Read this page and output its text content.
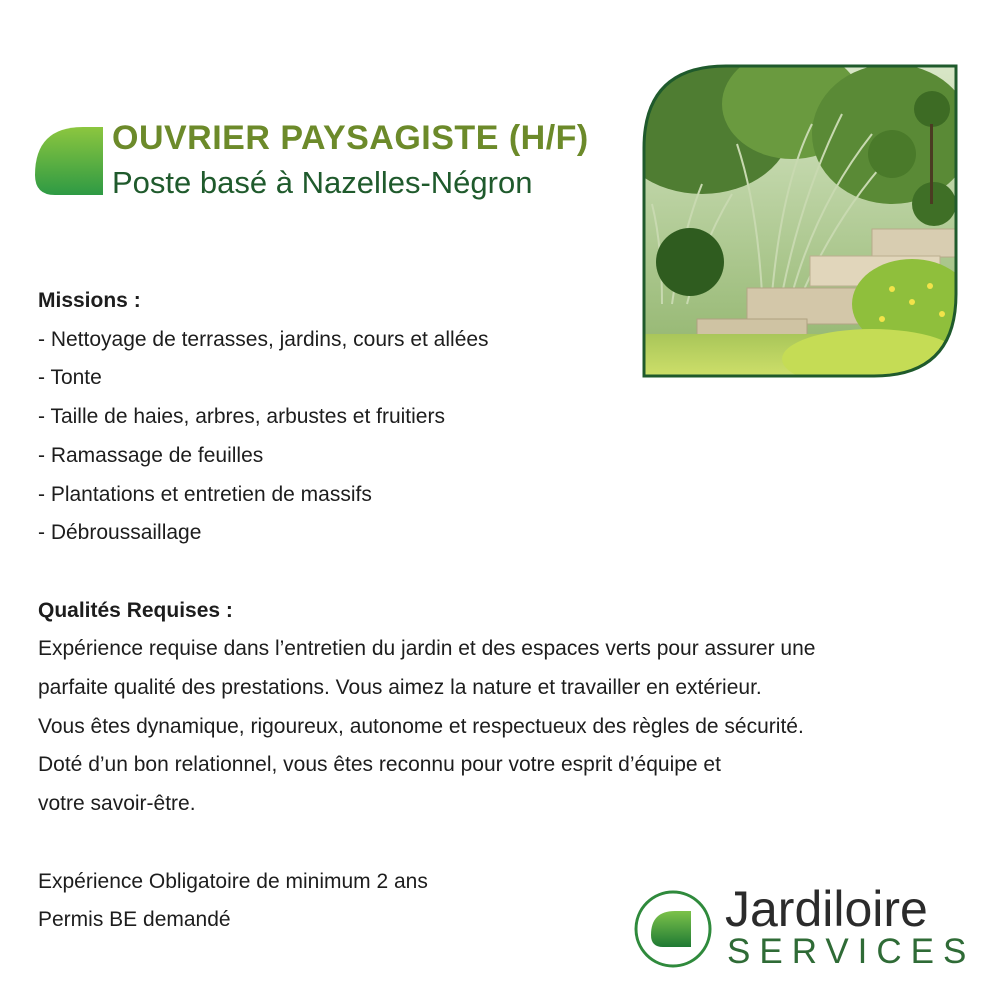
OUVRIER PAYSAGISTE (H/F)
Poste basé à Nazelles-Négron
Missions :
- Nettoyage de terrasses, jardins, cours et allées
- Tonte
- Taille de haies, arbres, arbustes et fruitiers
- Ramassage de feuilles
- Plantations et entretien de massifs
- Débroussaillage
Qualités Requises :
Expérience requise dans l’entretien du jardin et des espaces verts pour assurer une
parfaite qualité des prestations. Vous aimez la nature et travailler en extérieur.
Vous êtes dynamique, rigoureux, autonome et respectueux des règles de sécurité.
Doté d’un bon relationnel, vous êtes reconnu pour votre esprit d’équipe et
votre savoir-être.
Expérience Obligatoire de minimum 2 ans
Permis BE demandé	Jardiloire
SERVICES
